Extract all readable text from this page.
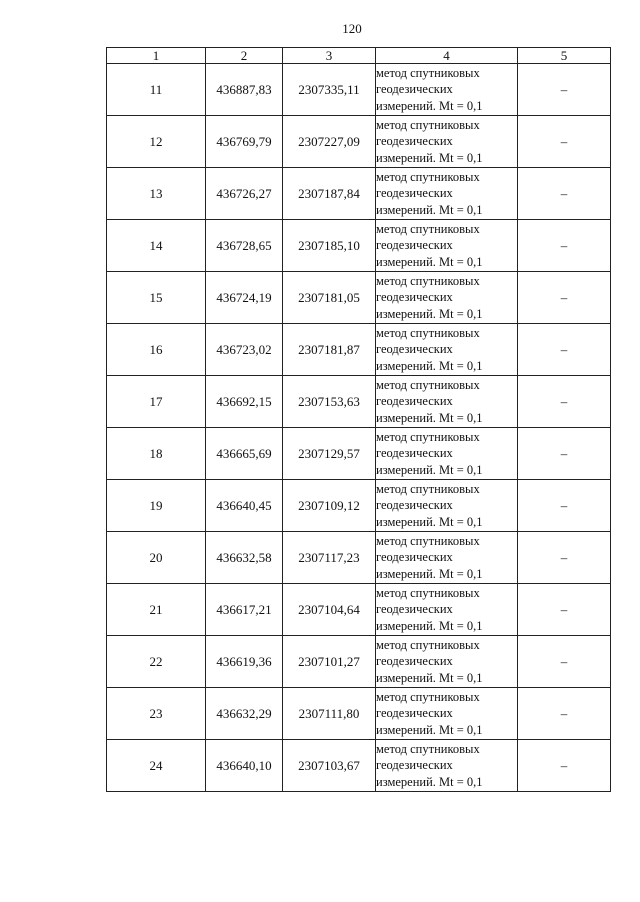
120
1	2	3	4	5
11	436887,83	2307335,11	метод спутниковых
геодезических
измерений. Mt = 0,1	–
12	436769,79	2307227,09	метод спутниковых
геодезических
измерений. Mt = 0,1	–
13	436726,27	2307187,84	метод спутниковых
геодезических
измерений. Mt = 0,1	–
14	436728,65	2307185,10	метод спутниковых
геодезических
измерений. Mt = 0,1	–
15	436724,19	2307181,05	метод спутниковых
геодезических
измерений. Mt = 0,1	–
16	436723,02	2307181,87	метод спутниковых
геодезических
измерений. Mt = 0,1	–
17	436692,15	2307153,63	метод спутниковых
геодезических
измерений. Mt = 0,1	–
18	436665,69	2307129,57	метод спутниковых
геодезических
измерений. Mt = 0,1	–
19	436640,45	2307109,12	метод спутниковых
геодезических
измерений. Mt = 0,1	–
20	436632,58	2307117,23	метод спутниковых
геодезических
измерений. Mt = 0,1	–
21	436617,21	2307104,64	метод спутниковых
геодезических
измерений. Mt = 0,1	–
22	436619,36	2307101,27	метод спутниковых
геодезических
измерений. Mt = 0,1	–
23	436632,29	2307111,80	метод спутниковых
геодезических
измерений. Mt = 0,1	–
24	436640,10	2307103,67	метод спутниковых
геодезических
измерений. Mt = 0,1	–
